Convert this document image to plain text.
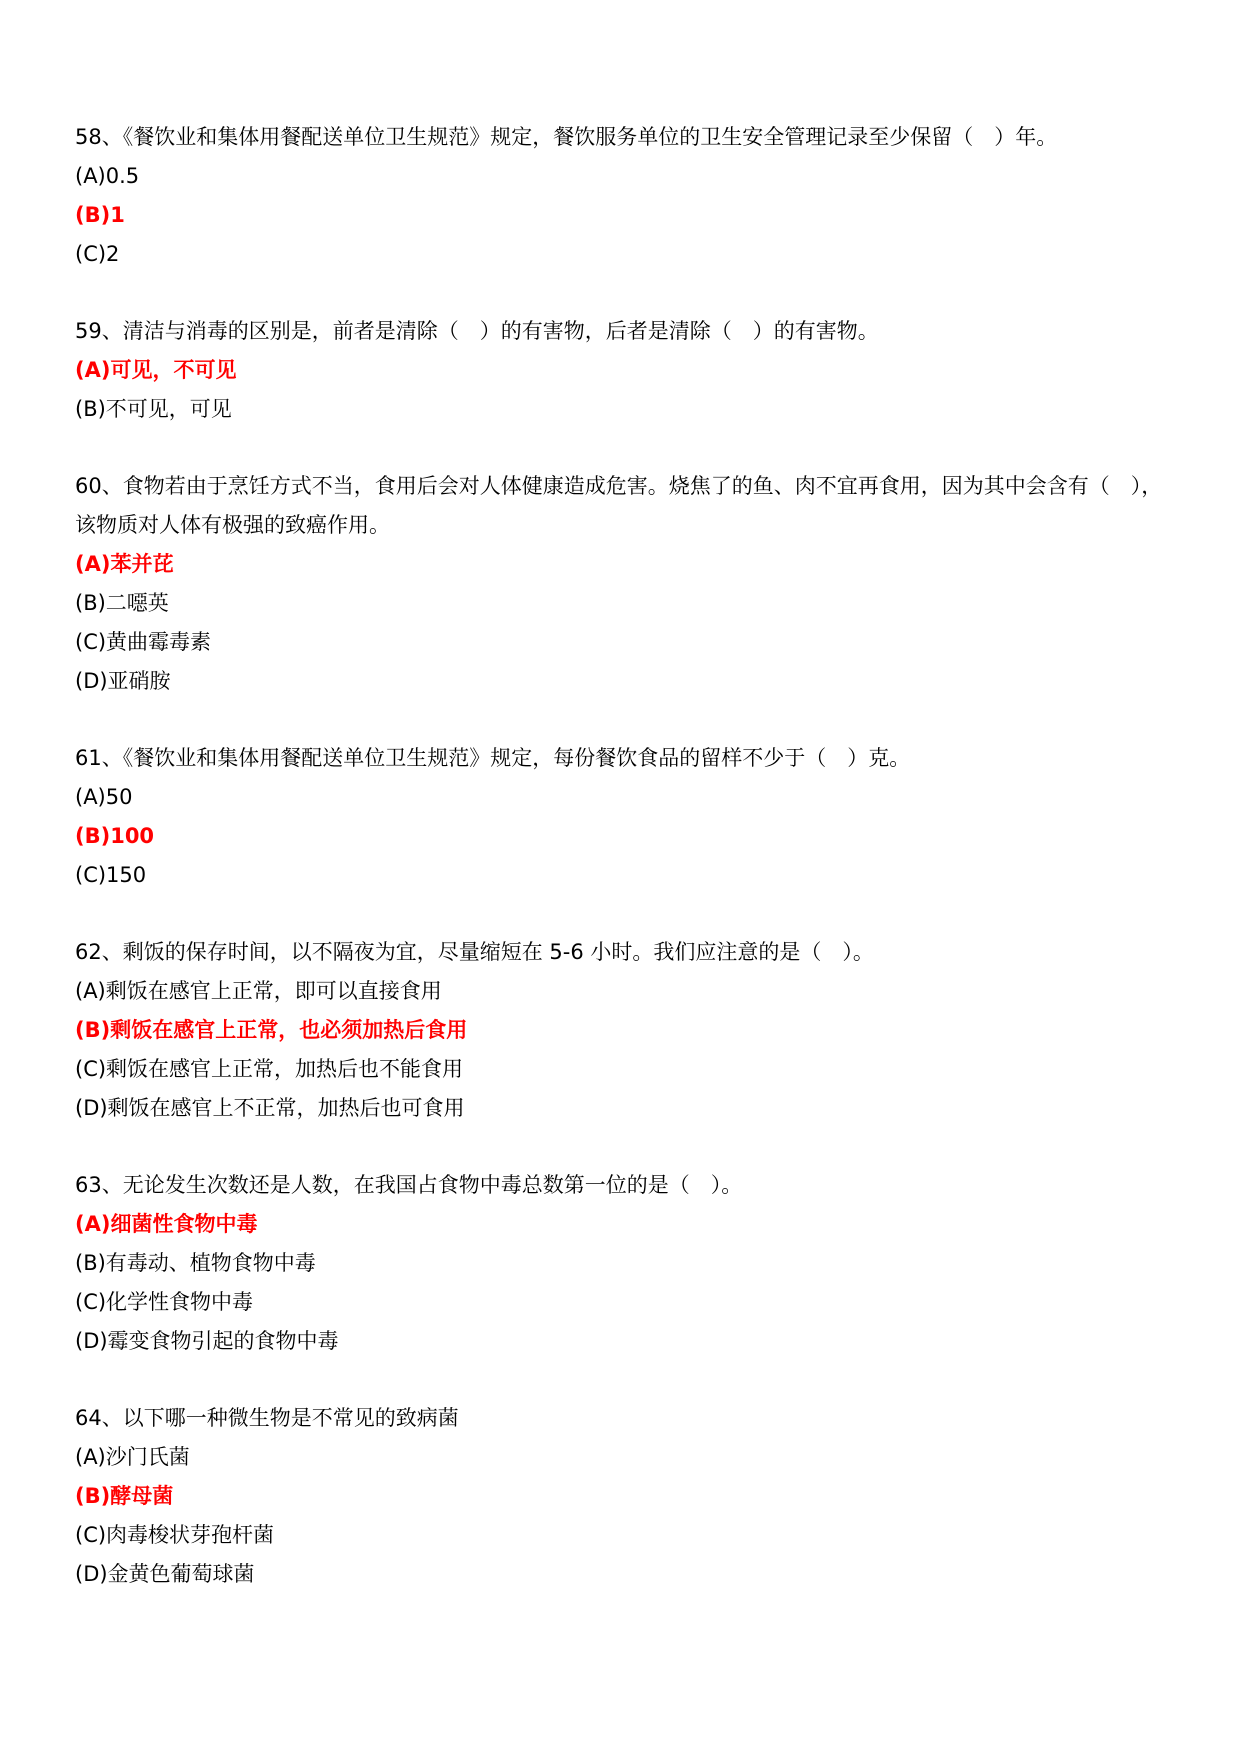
58、《餐饮业和集体用餐配送单位卫生规范》规定，餐饮服务单位的卫生安全管理记录至少保留（　）年。

(A)0.5

(B)1

(C)2

59、清洁与消毒的区别是，前者是清除（　）的有害物，后者是清除（　）的有害物。

(A)可见，不可见

(B)不可见，可见

60、食物若由于烹饪方式不当，食用后会对人体健康造成危害。烧焦了的鱼、肉不宜再食用，因为其中会含有（　），该物质对人体有极强的致癌作用。

(A)苯并芘

(B)二噁英

(C)黄曲霉毒素

(D)亚硝胺

61、《餐饮业和集体用餐配送单位卫生规范》规定，每份餐饮食品的留样不少于（　）克。

(A)50

(B)100

(C)150

62、剩饭的保存时间，以不隔夜为宜，尽量缩短在 5-6 小时。我们应注意的是（　）。

(A)剩饭在感官上正常，即可以直接食用

(B)剩饭在感官上正常，也必须加热后食用

(C)剩饭在感官上正常，加热后也不能食用

(D)剩饭在感官上不正常，加热后也可食用

63、无论发生次数还是人数，在我国占食物中毒总数第一位的是（　）。

(A)细菌性食物中毒

(B)有毒动、植物食物中毒

(C)化学性食物中毒

(D)霉变食物引起的食物中毒

64、以下哪一种微生物是不常见的致病菌

(A)沙门氏菌

(B)酵母菌

(C)肉毒梭状芽孢杆菌

(D)金黄色葡萄球菌
